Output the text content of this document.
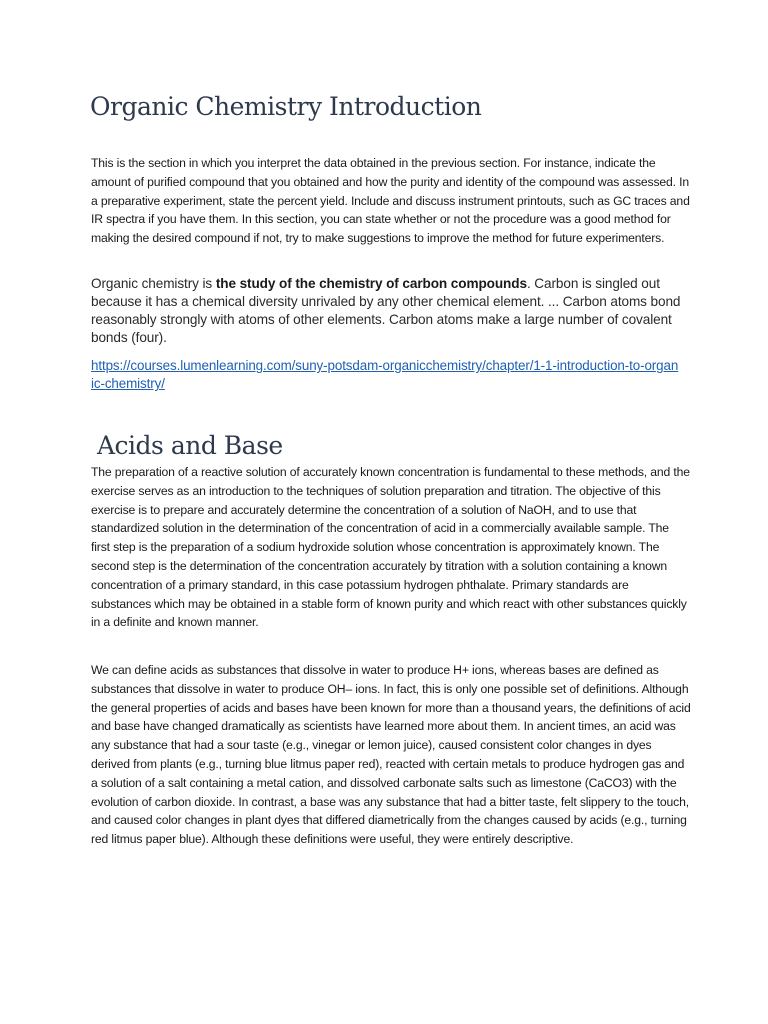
Organic Chemistry Introduction

This is the section in which you interpret the data obtained in the previous section. For instance, indicate the amount of purified compound that you obtained and how the purity and identity of the compound was assessed. In a preparative experiment, state the percent yield. Include and discuss instrument printouts, such as GC traces and IR spectra if you have them. In this section, you can state whether or not the procedure was a good method for making the desired compound if not, try to make suggestions to improve the method for future experimenters.

Organic chemistry is the study of the chemistry of carbon compounds. Carbon is singled out because it has a chemical diversity unrivaled by any other chemical element. ... Carbon atoms bond reasonably strongly with atoms of other elements. Carbon atoms make a large number of covalent bonds (four).

https://courses.lumenlearning.com/suny-potsdam-organicchemistry/chapter/1-1-introduction-to-organic-chemistry/
Acids and Base

The preparation of a reactive solution of accurately known concentration is fundamental to these methods, and the exercise serves as an introduction to the techniques of solution preparation and titration. The objective of this exercise is to prepare and accurately determine the concentration of a solution of NaOH, and to use that standardized solution in the determination of the concentration of acid in a commercially available sample. The first step is the preparation of a sodium hydroxide solution whose concentration is approximately known. The second step is the determination of the concentration accurately by titration with a solution containing a known concentration of a primary standard, in this case potassium hydrogen phthalate. Primary standards are substances which may be obtained in a stable form of known purity and which react with other substances quickly in a definite and known manner.

We can define acids as substances that dissolve in water to produce H+ ions, whereas bases are defined as substances that dissolve in water to produce OH– ions. In fact, this is only one possible set of definitions. Although the general properties of acids and bases have been known for more than a thousand years, the definitions of acid and base have changed dramatically as scientists have learned more about them. In ancient times, an acid was any substance that had a sour taste (e.g., vinegar or lemon juice), caused consistent color changes in dyes derived from plants (e.g., turning blue litmus paper red), reacted with certain metals to produce hydrogen gas and a solution of a salt containing a metal cation, and dissolved carbonate salts such as limestone (CaCO3) with the evolution of carbon dioxide. In contrast, a base was any substance that had a bitter taste, felt slippery to the touch, and caused color changes in plant dyes that differed diametrically from the changes caused by acids (e.g., turning red litmus paper blue). Although these definitions were useful, they were entirely descriptive.
